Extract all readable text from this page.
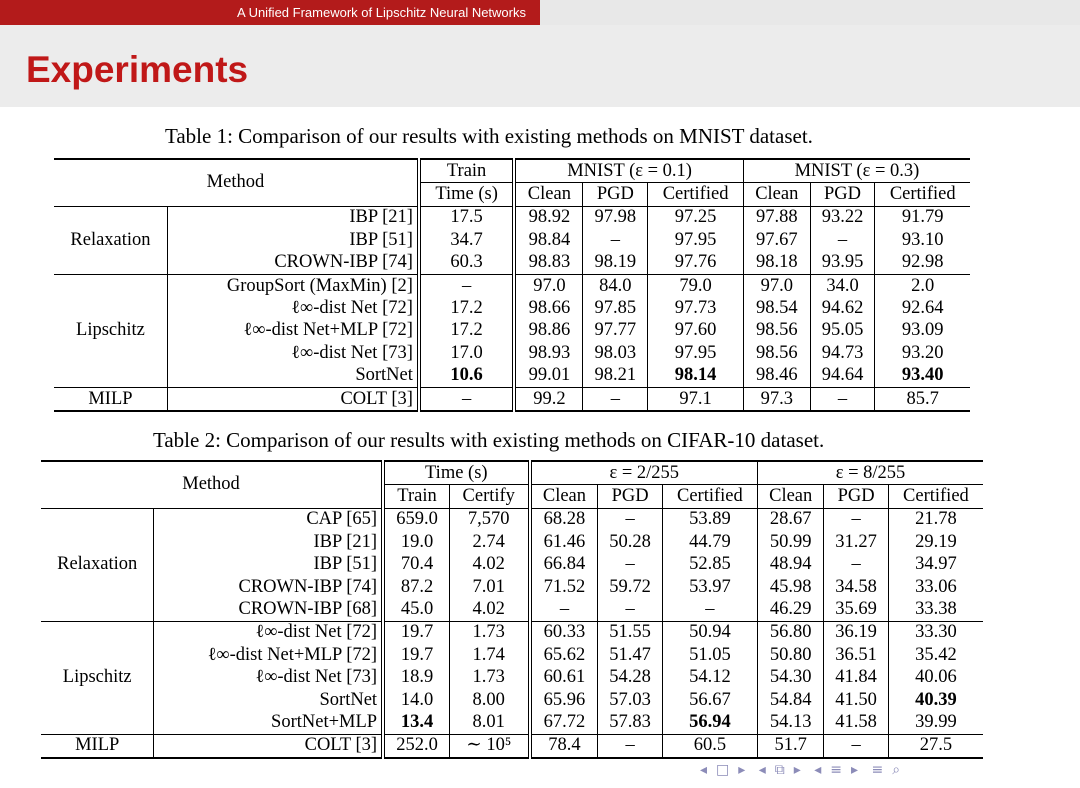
A Unified Framework of Lipschitz Neural Networks
Experiments
Table 1: Comparison of our results with existing methods on MNIST dataset.
Method		Train	MNIST (ε = 0.1)			MNIST (ε = 0.3)		
		Time (s)	Clean	PGD	Certified	Clean	PGD	Certified
Relaxation	IBP [21]	17.5	98.92	97.98	97.25	97.88	93.22	91.79
	IBP [51]	34.7	98.84	–	97.95	97.67	–	93.10
	CROWN-IBP [74]	60.3	98.83	98.19	97.76	98.18	93.95	92.98
Lipschitz	GroupSort (MaxMin) [2]	–	97.0	84.0	79.0	97.0	34.0	2.0
	ℓ∞-dist Net [72]	17.2	98.66	97.85	97.73	98.54	94.62	92.64
	ℓ∞-dist Net+MLP [72]	17.2	98.86	97.77	97.60	98.56	95.05	93.09
	ℓ∞-dist Net [73]	17.0	98.93	98.03	97.95	98.56	94.73	93.20
	SortNet	10.6	99.01	98.21	98.14	98.46	94.64	93.40
MILP	COLT [3]	–	99.2	–	97.1	97.3	–	85.7
Table 2: Comparison of our results with existing methods on CIFAR-10 dataset.
Method		Time (s)		ε = 2/255			ε = 8/255		
		Train	Certify	Clean	PGD	Certified	Clean	PGD	Certified
Relaxation	CAP [65]	659.0	7,570	68.28	–	53.89	28.67	–	21.78
	IBP [21]	19.0	2.74	61.46	50.28	44.79	50.99	31.27	29.19
	IBP [51]	70.4	4.02	66.84	–	52.85	48.94	–	34.97
	CROWN-IBP [74]	87.2	7.01	71.52	59.72	53.97	45.98	34.58	33.06
	CROWN-IBP [68]	45.0	4.02	–	–	–	46.29	35.69	33.38
Lipschitz	ℓ∞-dist Net [72]	19.7	1.73	60.33	51.55	50.94	56.80	36.19	33.30
	ℓ∞-dist Net+MLP [72]	19.7	1.74	65.62	51.47	51.05	50.80	36.51	35.42
	ℓ∞-dist Net [73]	18.9	1.73	60.61	54.28	54.12	54.30	41.84	40.06
	SortNet	14.0	8.00	65.96	57.03	56.67	54.84	41.50	40.39
	SortNet+MLP	13.4	8.01	67.72	57.83	56.94	54.13	41.58	39.99
MILP	COLT [3]	252.0	∼ 10⁵	78.4	–	60.5	51.7	–	27.5
◂ □ ▸ ◂ ⧉ ▸ ◂ ≡ ▸ ≡ ⌕
